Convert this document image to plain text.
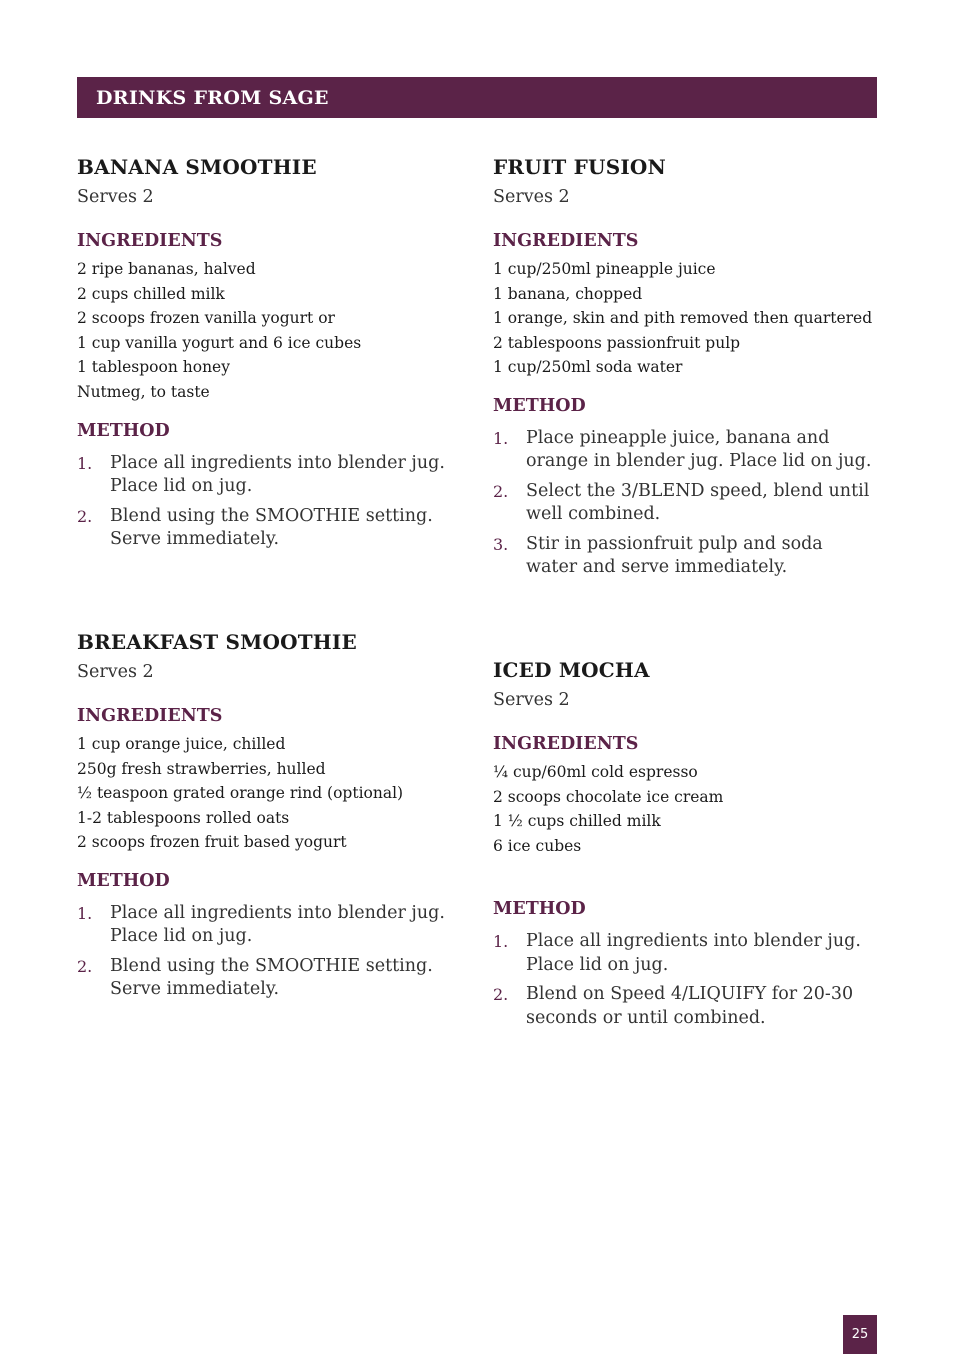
DRINKS FROM SAGE
BANANA SMOOTHIE
Serves 2
INGREDIENTS
2 ripe bananas, halved
2 cups chilled milk
2 scoops frozen vanilla yogurt or
1 cup vanilla yogurt and 6 ice cubes
1 tablespoon honey
Nutmeg, to taste
METHOD
1.	Place all ingredients into blender jug. Place lid on jug.
2.	Blend using the SMOOTHIE setting. Serve immediately.
FRUIT FUSION
Serves 2
INGREDIENTS
1 cup/250ml pineapple juice
1 banana, chopped
1 orange, skin and pith removed then quartered
2 tablespoons passionfruit pulp
1 cup/250ml soda water
METHOD
1.	Place pineapple juice, banana and orange in blender jug. Place lid on jug.
2.	Select the 3/BLEND speed, blend until well combined.
3.	Stir in passionfruit pulp and soda water and serve immediately.
BREAKFAST SMOOTHIE
Serves 2
INGREDIENTS
1 cup orange juice, chilled
250g fresh strawberries, hulled
½ teaspoon grated orange rind (optional)
1-2 tablespoons rolled oats
2 scoops frozen fruit based yogurt
METHOD
1.	Place all ingredients into blender jug. Place lid on jug.
2.	Blend using the SMOOTHIE setting. Serve immediately.
ICED MOCHA
Serves 2
INGREDIENTS
¼ cup/60ml cold espresso
2 scoops chocolate ice cream
1 ½ cups chilled milk
6 ice cubes
METHOD
1.	Place all ingredients into blender jug. Place lid on jug.
2.	Blend on Speed 4/LIQUIFY for 20-30 seconds or until combined.
25
